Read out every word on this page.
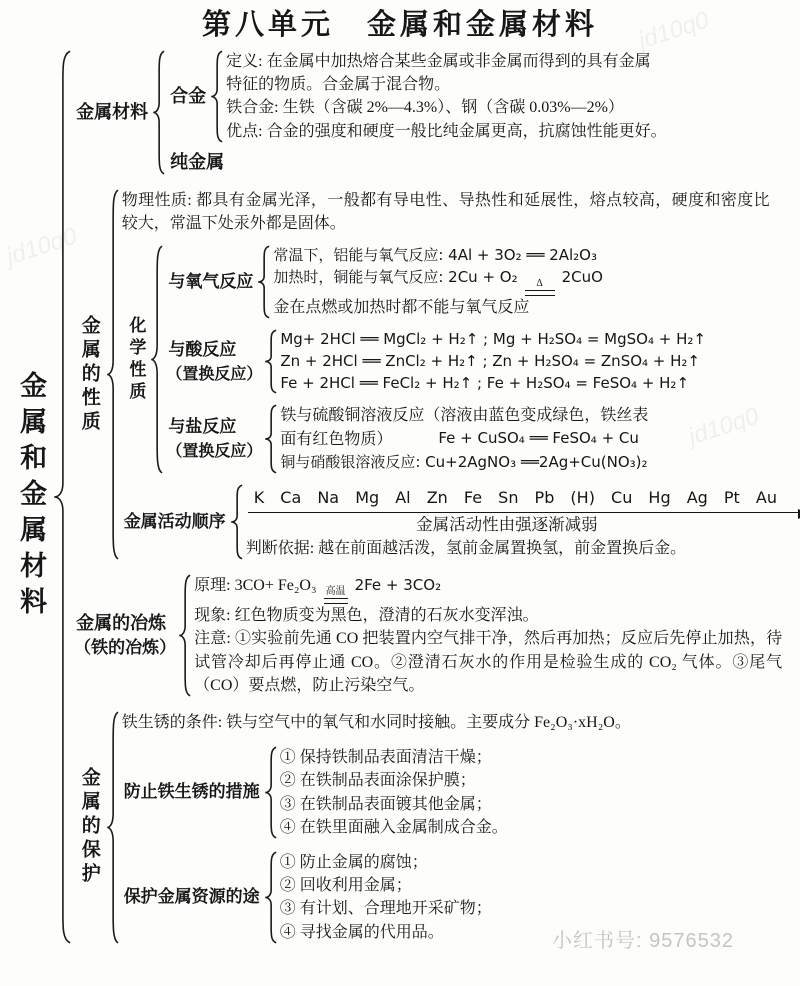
第八单元　金属和金属材料
金属和金属材料
金属材料
合金
定义: 在金属中加热熔合某些金属或非金属而得到的具有金属
特征的物质。合金属于混合物。
铁合金: 生铁（含碳 2%—4.3%）、钢（含碳 0.03%—2%）
优点: 合金的强度和硬度一般比纯金属更高，抗腐蚀性能更好。
纯金属
金属的性质
物理性质: 都具有金属光泽，一般都有导电性、导热性和延展性，熔点较高，硬度和密度比较大，常温下处汞外都是固体。
化学性质
与氧气反应
常温下，铝能与氧气反应: 4Al + 3O₂ ══ 2Al₂O₃
加热时，铜能与氧气反应: 2Cu + O₂ Δ 2CuO
金在点燃或加热时都不能与氧气反应
与酸反应
（置换反应）
Mg+ 2HCl ══ MgCl₂ + H₂↑ ; Mg + H₂SO₄ = MgSO₄ + H₂↑
Zn + 2HCl ══ ZnCl₂ + H₂↑ ; Zn + H₂SO₄ = ZnSO₄ + H₂↑
Fe + 2HCl ══ FeCl₂ + H₂↑ ; Fe + H₂SO₄ = FeSO₄ + H₂↑
与盐反应
（置换反应）
铁与硫酸铜溶液反应（溶液由蓝色变成绿色，铁丝表
面有红色物质）	Fe + CuSO₄ ══ FeSO₄ + Cu
铜与硝酸银溶液反应: Cu+2AgNO₃ ══2Ag+Cu(NO₃)₂
金属活动顺序
K Ca Na Mg Al Zn Fe Sn Pb (H) Cu Hg Ag Pt Au
金属活动性由强逐渐减弱
判断依据: 越在前面越活泼，氢前金属置换氢，前金置换后金。
金属的冶炼
（铁的冶炼）
原理: 3CO+ Fe₂O₃ 高温 2Fe + 3CO₂
现象: 红色物质变为黑色，澄清的石灰水变浑浊。
注意: ①实验前先通 CO 把装置内空气排干净，然后再加热；反应后先停止加热，待试管冷却后再停止通 CO。②澄清石灰水的作用是检验生成的 CO₂ 气体。③尾气（CO）要点燃，防止污染空气。
金属的保护
铁生锈的条件: 铁与空气中的氧气和水同时接触。主要成分 Fe₂O₃·xH₂O。
防止铁生锈的措施
① 保持铁制品表面清洁干燥；
② 在铁制品表面涂保护膜；
③ 在铁制品表面镀其他金属；
④ 在铁里面融入金属制成合金。
保护金属资源的途
① 防止金属的腐蚀；
② 回收利用金属；
③ 有计划、合理地开采矿物；
④ 寻找金属的代用品。
jd10q0
jd10q0
jd10q0
小红书号: 9576532
